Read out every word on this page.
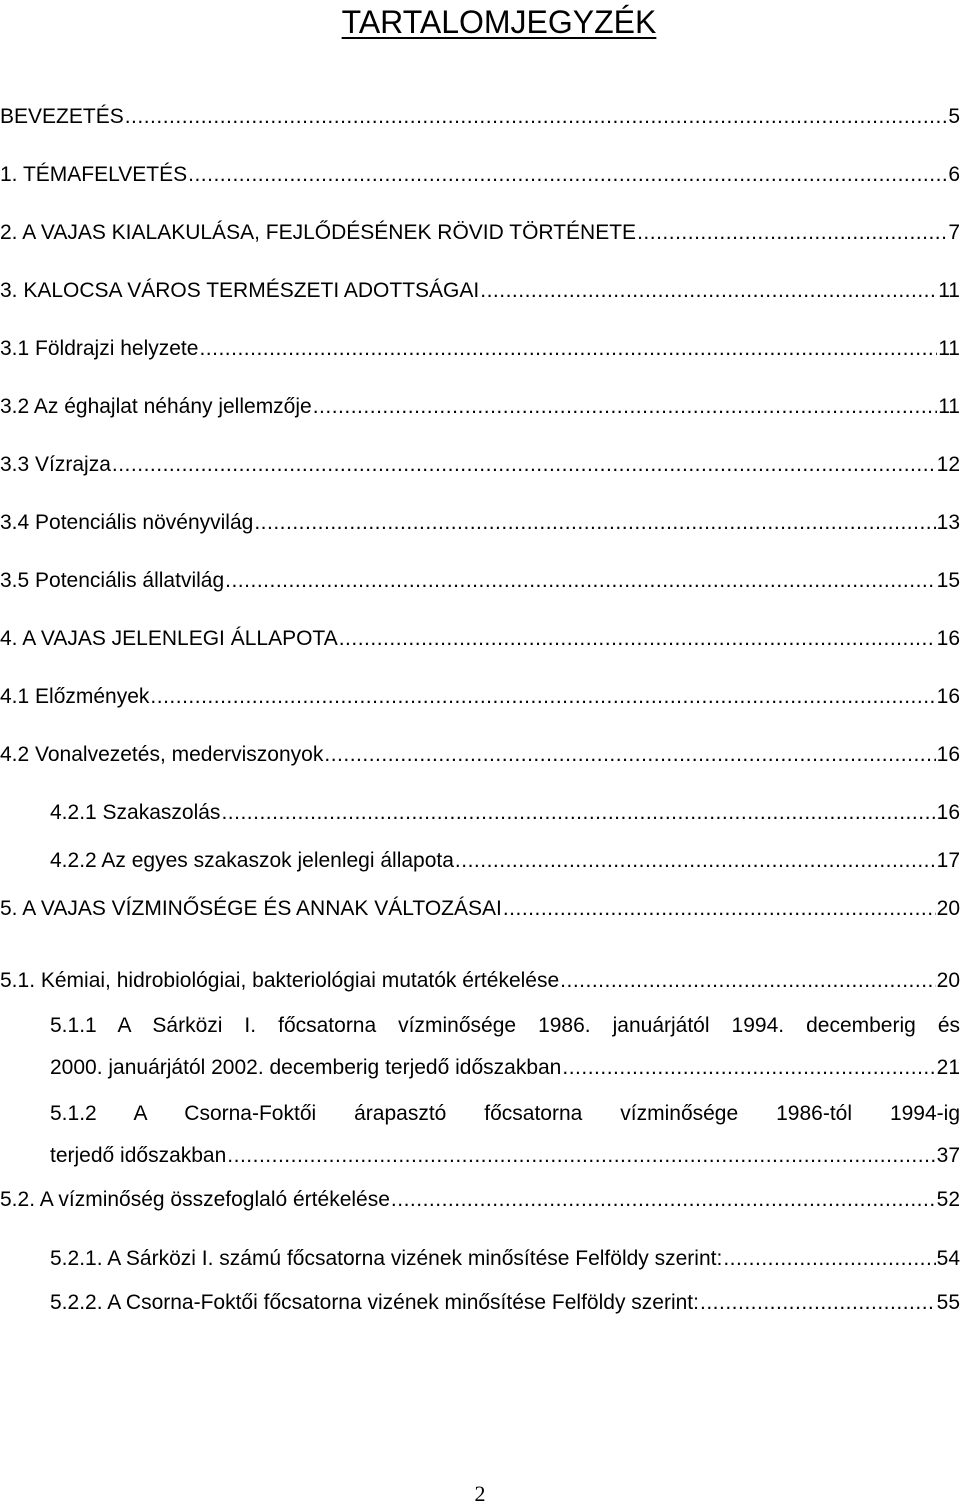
TARTALOMJEGYZÉK
BEVEZETÉS .....	5
1. TÉMAFELVETÉS .....	6
2. A VAJAS KIALAKULÁSA, FEJLŐDÉSÉNEK RÖVID TÖRTÉNETE .....	7
3. KALOCSA VÁROS TERMÉSZETI ADOTTSÁGAI .....	11
3.1 Földrajzi helyzete .....	11
3.2 Az éghajlat néhány jellemzője .....	11
3.3 Vízrajza .....	12
3.4 Potenciális növényvilág .....	13
3.5 Potenciális állatvilág .....	15
4. A VAJAS JELENLEGI ÁLLAPOTA .....	16
4.1 Előzmények .....	16
4.2 Vonalvezetés, mederviszonyok .....	16
4.2.1 Szakaszolás .....	16
4.2.2 Az egyes szakaszok jelenlegi állapota .....	17
5. A VAJAS VÍZMINŐSÉGE ÉS ANNAK VÁLTOZÁSAI .....	20
5.1. Kémiai, hidrobiológiai, bakteriológiai mutatók értékelése .....	20
5.1.1 A Sárközi I. főcsatorna vízminősége 1986. januárjától 1994. decemberig és
2000. januárjától 2002. decemberig terjedő időszakban .....	21
5.1.2 A Csorna-Foktői árapasztó főcsatorna vízminősége 1986-tól 1994-ig
terjedő időszakban .....	37
5.2. A vízminőség összefoglaló értékelése .....	52
5.2.1. A Sárközi I. számú főcsatorna vizének minősítése Felföldy szerint: .....	54
5.2.2. A Csorna-Foktői főcsatorna vizének minősítése Felföldy szerint: .....	55
2
